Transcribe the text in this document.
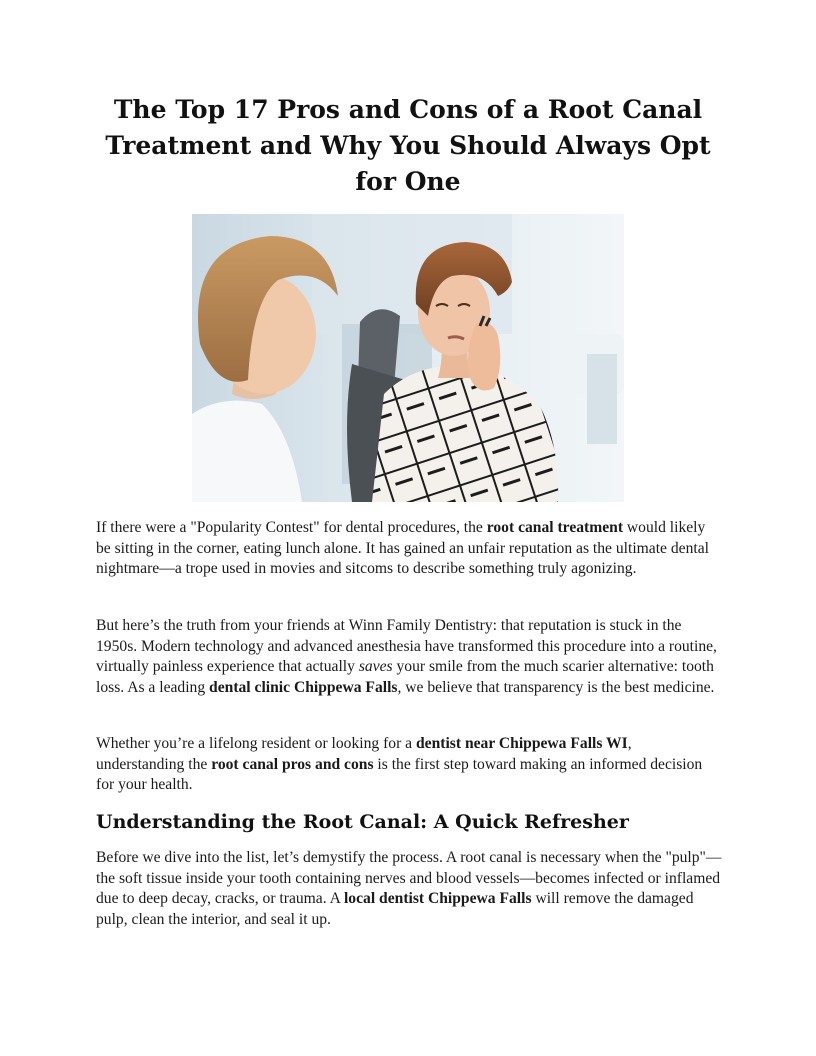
The Top 17 Pros and Cons of a Root Canal Treatment and Why You Should Always Opt for One

If there were a "Popularity Contest" for dental procedures, the root canal treatment would likely be sitting in the corner, eating lunch alone. It has gained an unfair reputation as the ultimate dental nightmare—a trope used in movies and sitcoms to describe something truly agonizing.

But here’s the truth from your friends at Winn Family Dentistry: that reputation is stuck in the 1950s. Modern technology and advanced anesthesia have transformed this procedure into a routine, virtually painless experience that actually saves your smile from the much scarier alternative: tooth loss. As a leading dental clinic Chippewa Falls, we believe that transparency is the best medicine.

Whether you’re a lifelong resident or looking for a dentist near Chippewa Falls WI, understanding the root canal pros and cons is the first step toward making an informed decision for your health.

Understanding the Root Canal: A Quick Refresher

Before we dive into the list, let’s demystify the process. A root canal is necessary when the "pulp"—the soft tissue inside your tooth containing nerves and blood vessels—becomes infected or inflamed due to deep decay, cracks, or trauma. A local dentist Chippewa Falls will remove the damaged pulp, clean the interior, and seal it up.
